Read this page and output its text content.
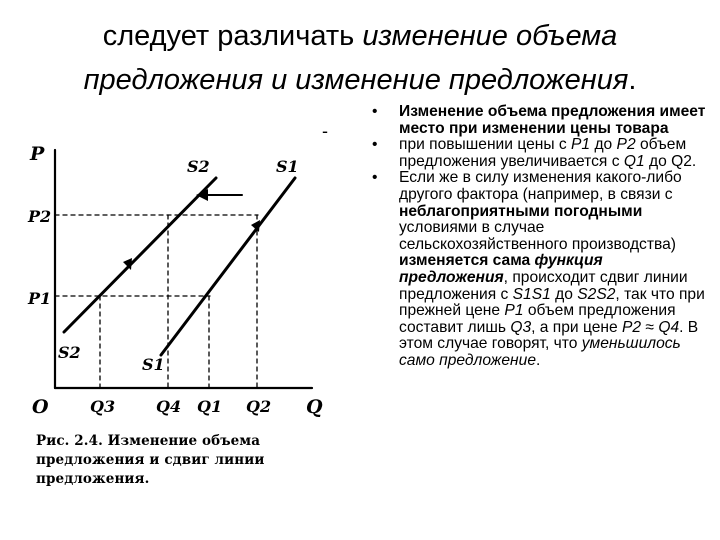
следует различать изменение объема
предложения и изменение предложения.
P
Q
O
P2
P1
S2	S1
S2
S1
Q3	Q4 Q1 Q2
Рис. 2.4. Изменение объема предложения и сдвиг линии предложения.
-
• Изменение объема предложения имеет место при изменении цены товара
• при повышении цены с Р1 до Р2 объем предложения увеличивается с Q1 до Q2.
• Если же в силу изменения какого-либо другого фактора (например, в связи с неблагоприятными погодными условиями в случае сельскохозяйственного производства) изменяется сама функция предложения, происходит сдвиг линии предложения с S1S1 до S2S2, так что при прежней цене Р1 объем предложения составит лишь Q3, а при цене Р2 ≈ Q4. В этом случае говорят, что уменьшилось само предложение.
